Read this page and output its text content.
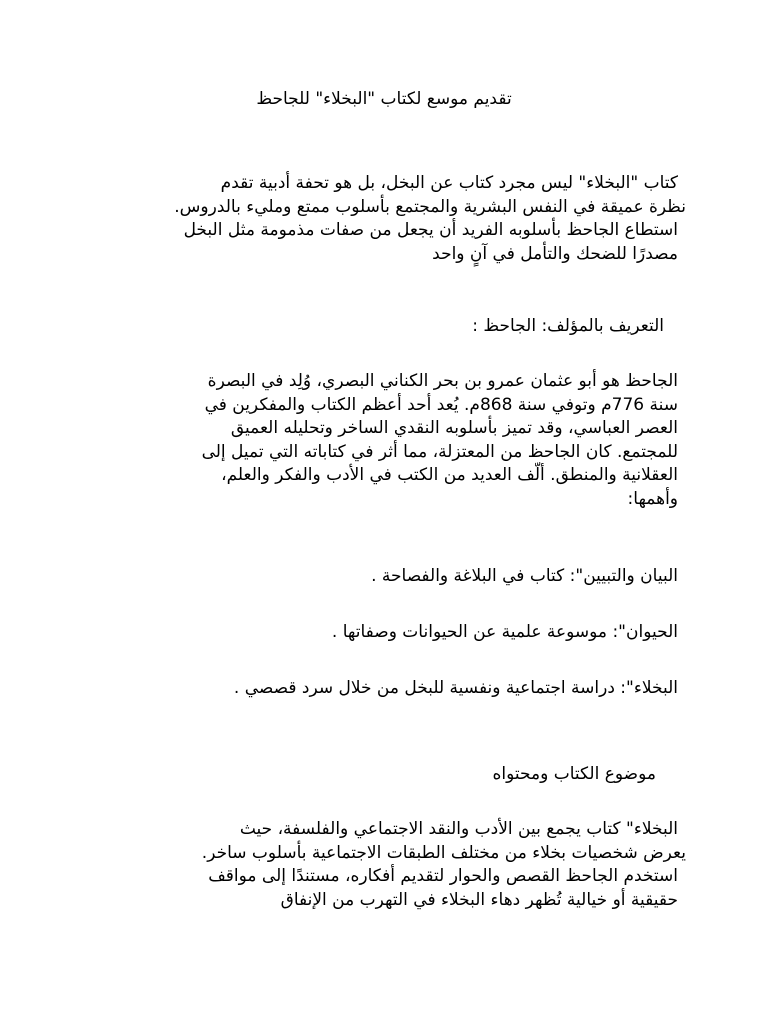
تقديم موسع لكتاب "البخلاء" للجاحظ

كتاب "البخلاء" ليس مجرد كتاب عن البخل، بل هو تحفة أدبية تقدم
نظرة عميقة في النفس البشرية والمجتمع بأسلوب ممتع ومليء بالدروس.
استطاع الجاحظ بأسلوبه الفريد أن يجعل من صفات مذمومة مثل البخل
مصدرًا للضحك والتأمل في آنٍ واحد

التعريف بالمؤلف: الجاحظ :

الجاحظ هو أبو عثمان عمرو بن بحر الكناني البصري، وُلِد في البصرة
سنة 776م وتوفي سنة 868م. يُعد أحد أعظم الكتاب والمفكرين في
العصر العباسي، وقد تميز بأسلوبه النقدي الساخر وتحليله العميق
للمجتمع. كان الجاحظ من المعتزلة، مما أثر في كتاباته التي تميل إلى
العقلانية والمنطق. ألّف العديد من الكتب في الأدب والفكر والعلم،
وأهمها:

البيان والتبيين": كتاب في البلاغة والفصاحة .

الحيوان": موسوعة علمية عن الحيوانات وصفاتها .

البخلاء": دراسة اجتماعية ونفسية للبخل من خلال سرد قصصي .

موضوع الكتاب ومحتواه

البخلاء" كتاب يجمع بين الأدب والنقد الاجتماعي والفلسفة، حيث
يعرض شخصيات بخلاء من مختلف الطبقات الاجتماعية بأسلوب ساخر.
استخدم الجاحظ القصص والحوار لتقديم أفكاره، مستندًا إلى مواقف
حقيقية أو خيالية تُظهر دهاء البخلاء في التهرب من الإنفاق
